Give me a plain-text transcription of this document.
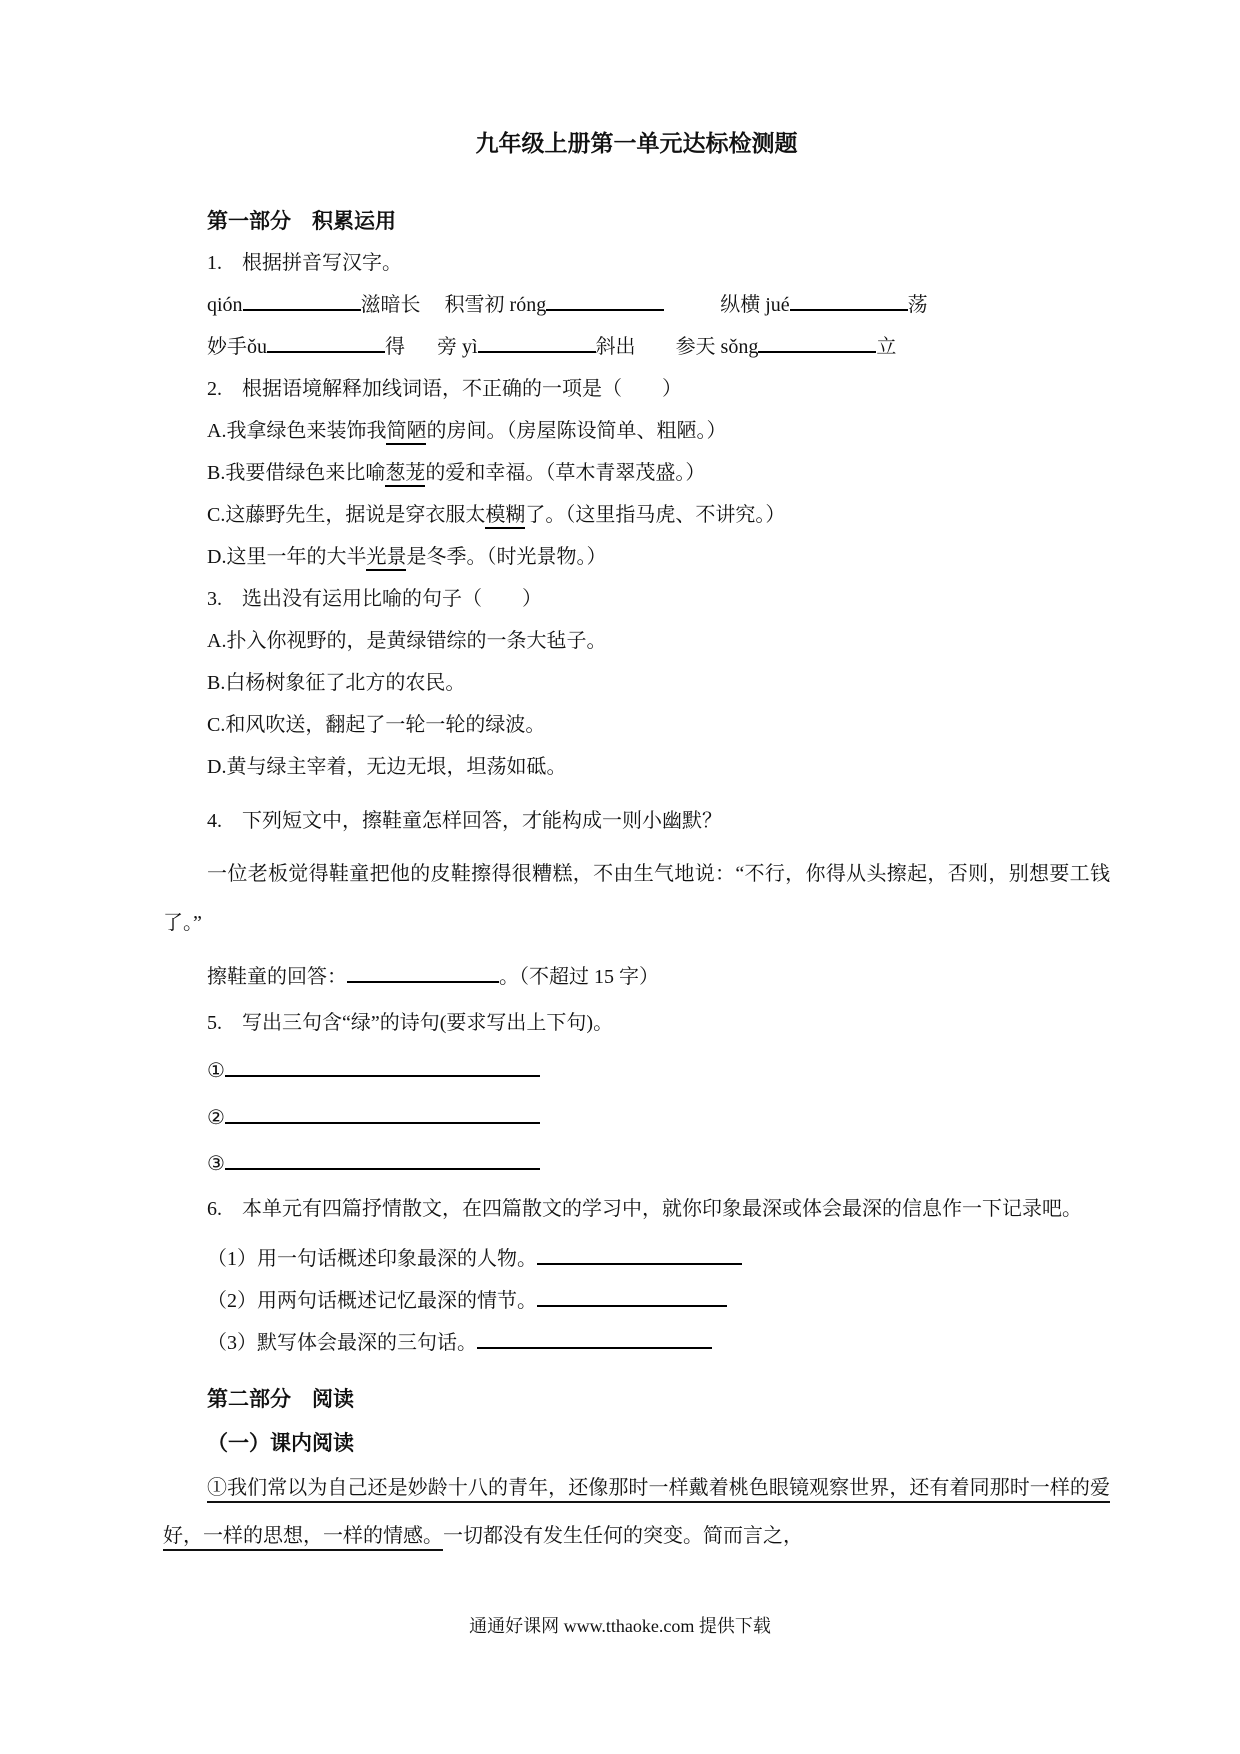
九年级上册第一单元达标检测题
第一部分　积累运用
1.　根据拼音写汉字。
qión	滋暗长 积雪初 róng	纵横 jué	荡
妙手ǒu	得 旁 yì	斜出 参天 sǒng	立
2.　根据语境解释加线词语，不正确的一项是（　　）
A.我拿绿色来装饰我简陋的房间。（房屋陈设简单、粗陋。）
B.我要借绿色来比喻葱茏的爱和幸福。（草木青翠茂盛。）
C.这藤野先生，据说是穿衣服太模糊了。（这里指马虎、不讲究。）
D.这里一年的大半光景是冬季。（时光景物。）
3.　选出没有运用比喻的句子（　　）
A.扑入你视野的，是黄绿错综的一条大毡子。
B.白杨树象征了北方的农民。
C.和风吹送，翻起了一轮一轮的绿波。
D.黄与绿主宰着，无边无垠，坦荡如砥。
4.　下列短文中，擦鞋童怎样回答，才能构成一则小幽默？
一位老板觉得鞋童把他的皮鞋擦得很糟糕，不由生气地说：“不行，你得从头擦起，否则，别想要工钱了。”
擦鞋童的回答：	。（不超过 15 字）
5.　写出三句含“绿”的诗句(要求写出上下句)。
①
②
③
6.　本单元有四篇抒情散文，在四篇散文的学习中，就你印象最深或体会最深的信息作一下记录吧。
（1）用一句话概述印象最深的人物。
（2）用两句话概述记忆最深的情节。
（3）默写体会最深的三句话。
第二部分　阅读
（一）课内阅读
①我们常以为自己还是妙龄十八的青年，还像那时一样戴着桃色眼镜观察世界，还有着同那时一样的爱好，一样的思想，一样的情感。一切都没有发生任何的突变。简而言之，
通通好课网 www.tthaoke.com 提供下载
